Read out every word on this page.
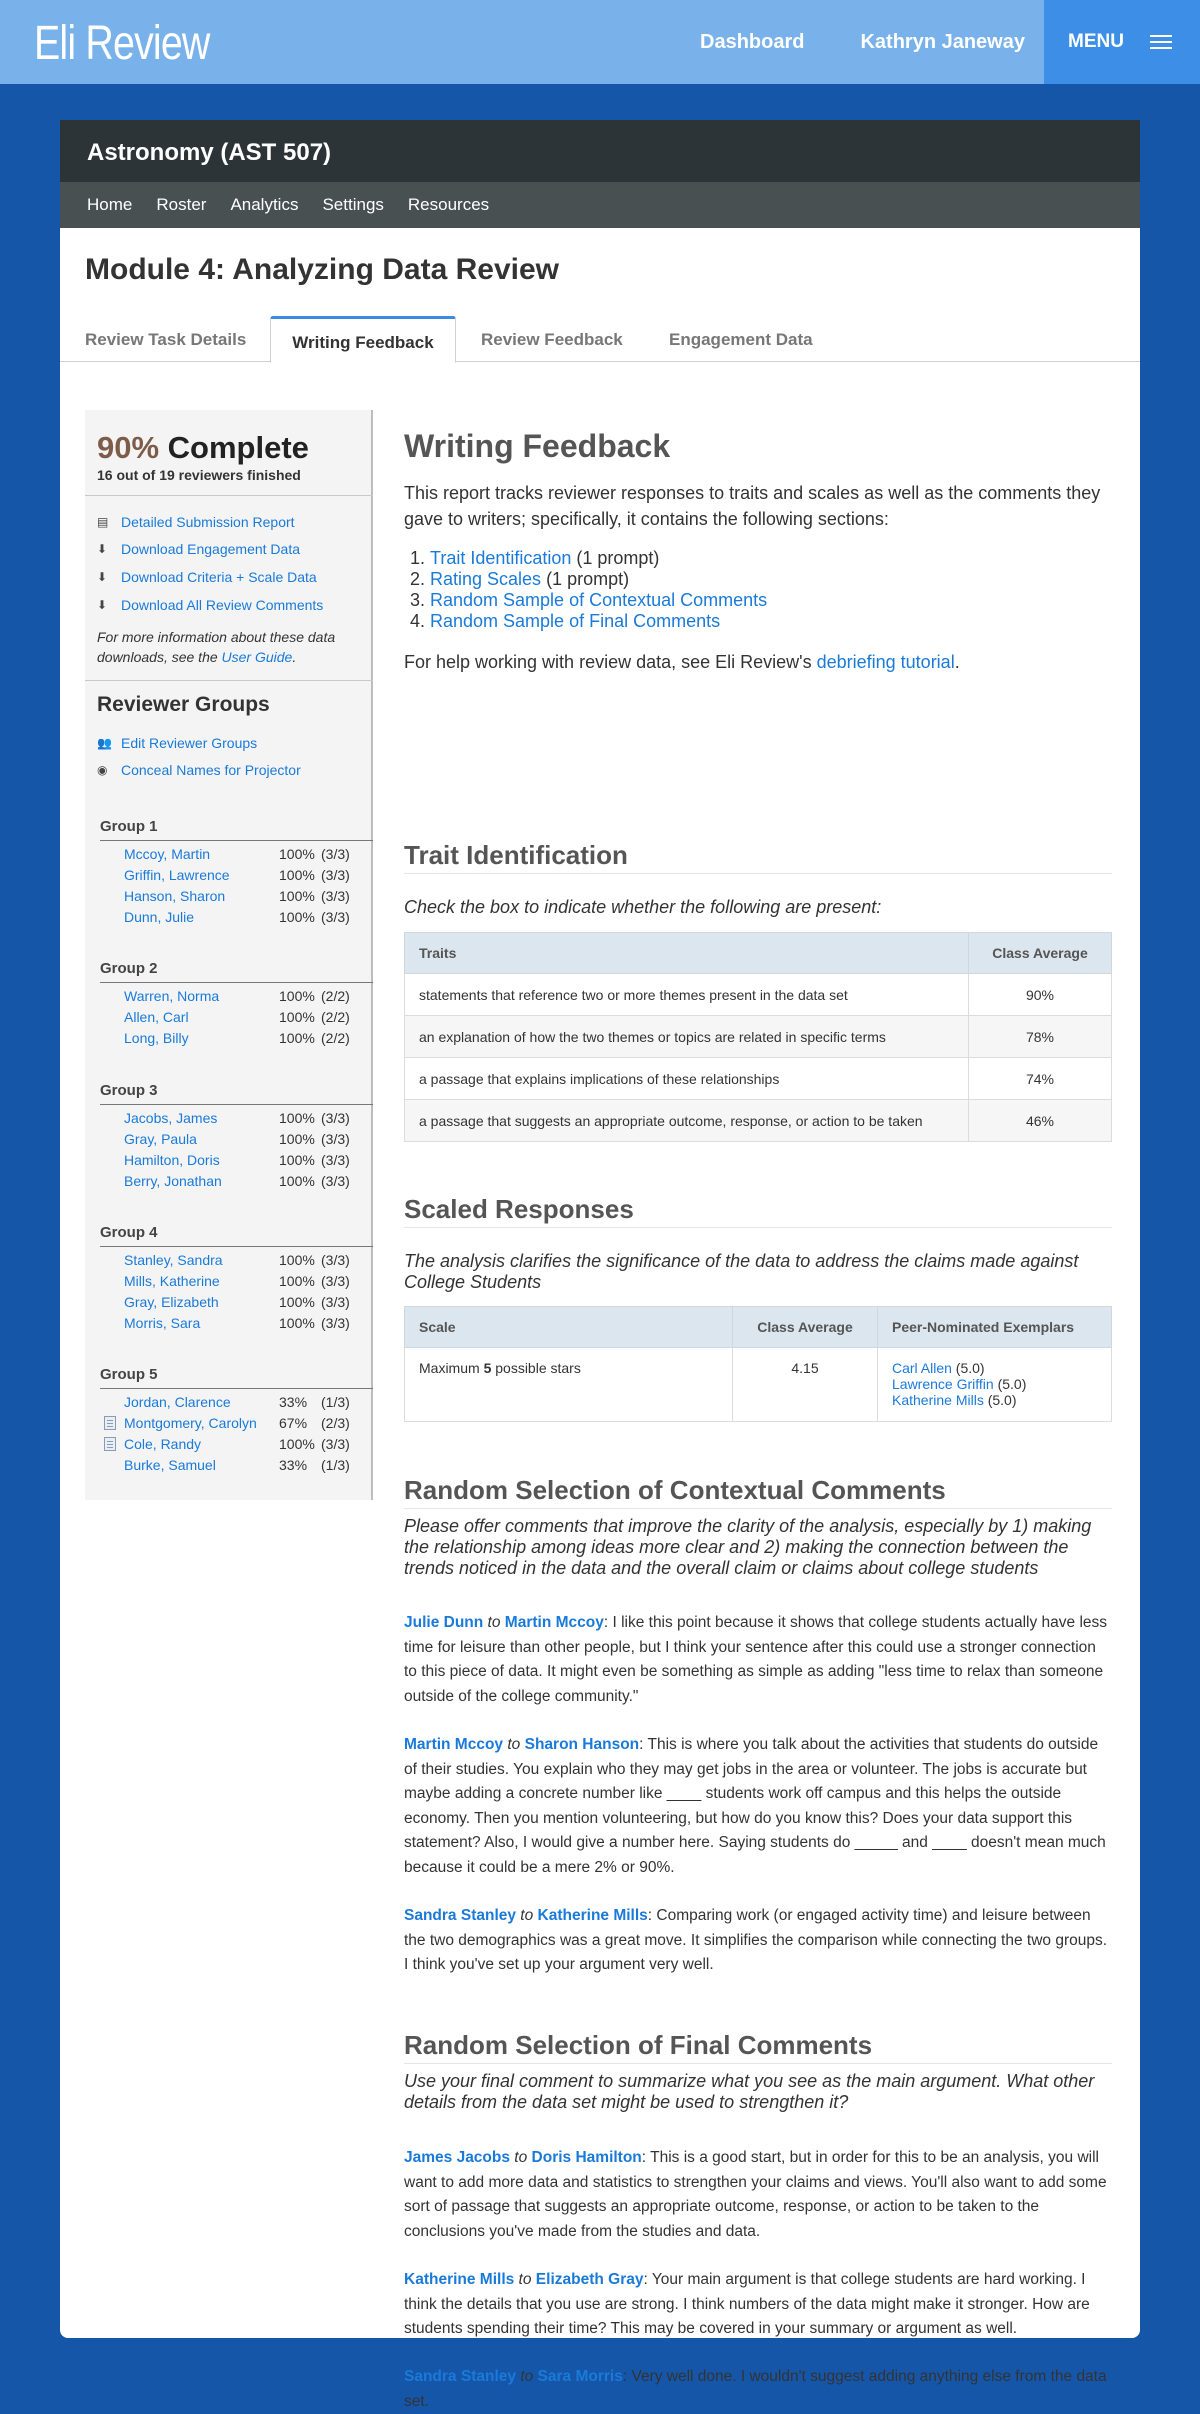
Eli Review	Dashboard	Kathryn Janeway MENU
Astronomy (AST 507)
Home Roster Analytics Settings Resources
Module 4: Analyzing Data Review
Review Task Details	Writing Feedback	Review Feedback	Engagement Data
90% Complete
16 out of 19 reviewers finished
▤ Detailed Submission Report
⬇ Download Engagement Data
⬇ Download Criteria + Scale Data
⬇ Download All Review Comments
For more information about these data downloads, see the User Guide.
Reviewer Groups
👥 Edit Reviewer Groups
◉ Conceal Names for Projector
Group 1
Mccoy, Martin	100% (3/3)
Griffin, Lawrence	100% (3/3)
Hanson, Sharon	100% (3/3)
Dunn, Julie	100% (3/3)
Group 2
Warren, Norma	100% (2/2)
Allen, Carl	100% (2/2)
Long, Billy	100% (2/2)
Group 3
Jacobs, James	100% (3/3)
Gray, Paula	100% (3/3)
Hamilton, Doris	100% (3/3)
Berry, Jonathan	100% (3/3)
Group 4
Stanley, Sandra	100% (3/3)
Mills, Katherine	100% (3/3)
Gray, Elizabeth	100% (3/3)
Morris, Sara	100% (3/3)
Group 5
Jordan, Clarence	33% (1/3)
Montgomery, Carolyn 67% (2/3)
Cole, Randy	100% (3/3)
Burke, Samuel	33% (1/3)
Writing Feedback
This report tracks reviewer responses to traits and scales as well as the comments they gave to writers; specifically, it contains the following sections:
1. Trait Identification (1 prompt)
2. Rating Scales (1 prompt)
3. Random Sample of Contextual Comments
4. Random Sample of Final Comments
For help working with review data, see Eli Review's debriefing tutorial.
Trait Identification
Check the box to indicate whether the following are present:
Traits	Class Average
statements that reference two or more themes present in the data set	90%
an explanation of how the two themes or topics are related in specific terms	78%
a passage that explains implications of these relationships	74%
a passage that suggests an appropriate outcome, response, or action to be taken	46%
Scaled Responses
The analysis clarifies the significance of the data to address the claims made against College Students
Scale	Class Average	Peer-Nominated Exemplars
Maximum 5 possible stars	4.15	Carl Allen (5.0)
Lawrence Griffin (5.0)
Katherine Mills (5.0)
Random Selection of Contextual Comments
Please offer comments that improve the clarity of the analysis, especially by 1) making the relationship among ideas more clear and 2) making the connection between the trends noticed in the data and the overall claim or claims about college students
Julie Dunn to Martin Mccoy: I like this point because it shows that college students actually have less time for leisure than other people, but I think your sentence after this could use a stronger connection to this piece of data. It might even be something as simple as adding "less time to relax than someone outside of the college community."
Martin Mccoy to Sharon Hanson: This is where you talk about the activities that students do outside of their studies. You explain who they may get jobs in the area or volunteer. The jobs is accurate but maybe adding a concrete number like ____ students work off campus and this helps the outside economy. Then you mention volunteering, but how do you know this? Does your data support this statement? Also, I would give a number here. Saying students do _____ and ____ doesn't mean much because it could be a mere 2% or 90%.
Sandra Stanley to Katherine Mills: Comparing work (or engaged activity time) and leisure between the two demographics was a great move. It simplifies the comparison while connecting the two groups. I think you've set up your argument very well.
Random Selection of Final Comments
Use your final comment to summarize what you see as the main argument. What other details from the data set might be used to strengthen it?
James Jacobs to Doris Hamilton: This is a good start, but in order for this to be an analysis, you will want to add more data and statistics to strengthen your claims and views. You'll also want to add some sort of passage that suggests an appropriate outcome, response, or action to be taken to the conclusions you've made from the studies and data.
Katherine Mills to Elizabeth Gray: Your main argument is that college students are hard working. I think the details that you use are strong. I think numbers of the data might make it stronger. How are students spending their time? This may be covered in your summary or argument as well.
Sandra Stanley to Sara Morris: Very well done. I wouldn't suggest adding anything else from the data set.
